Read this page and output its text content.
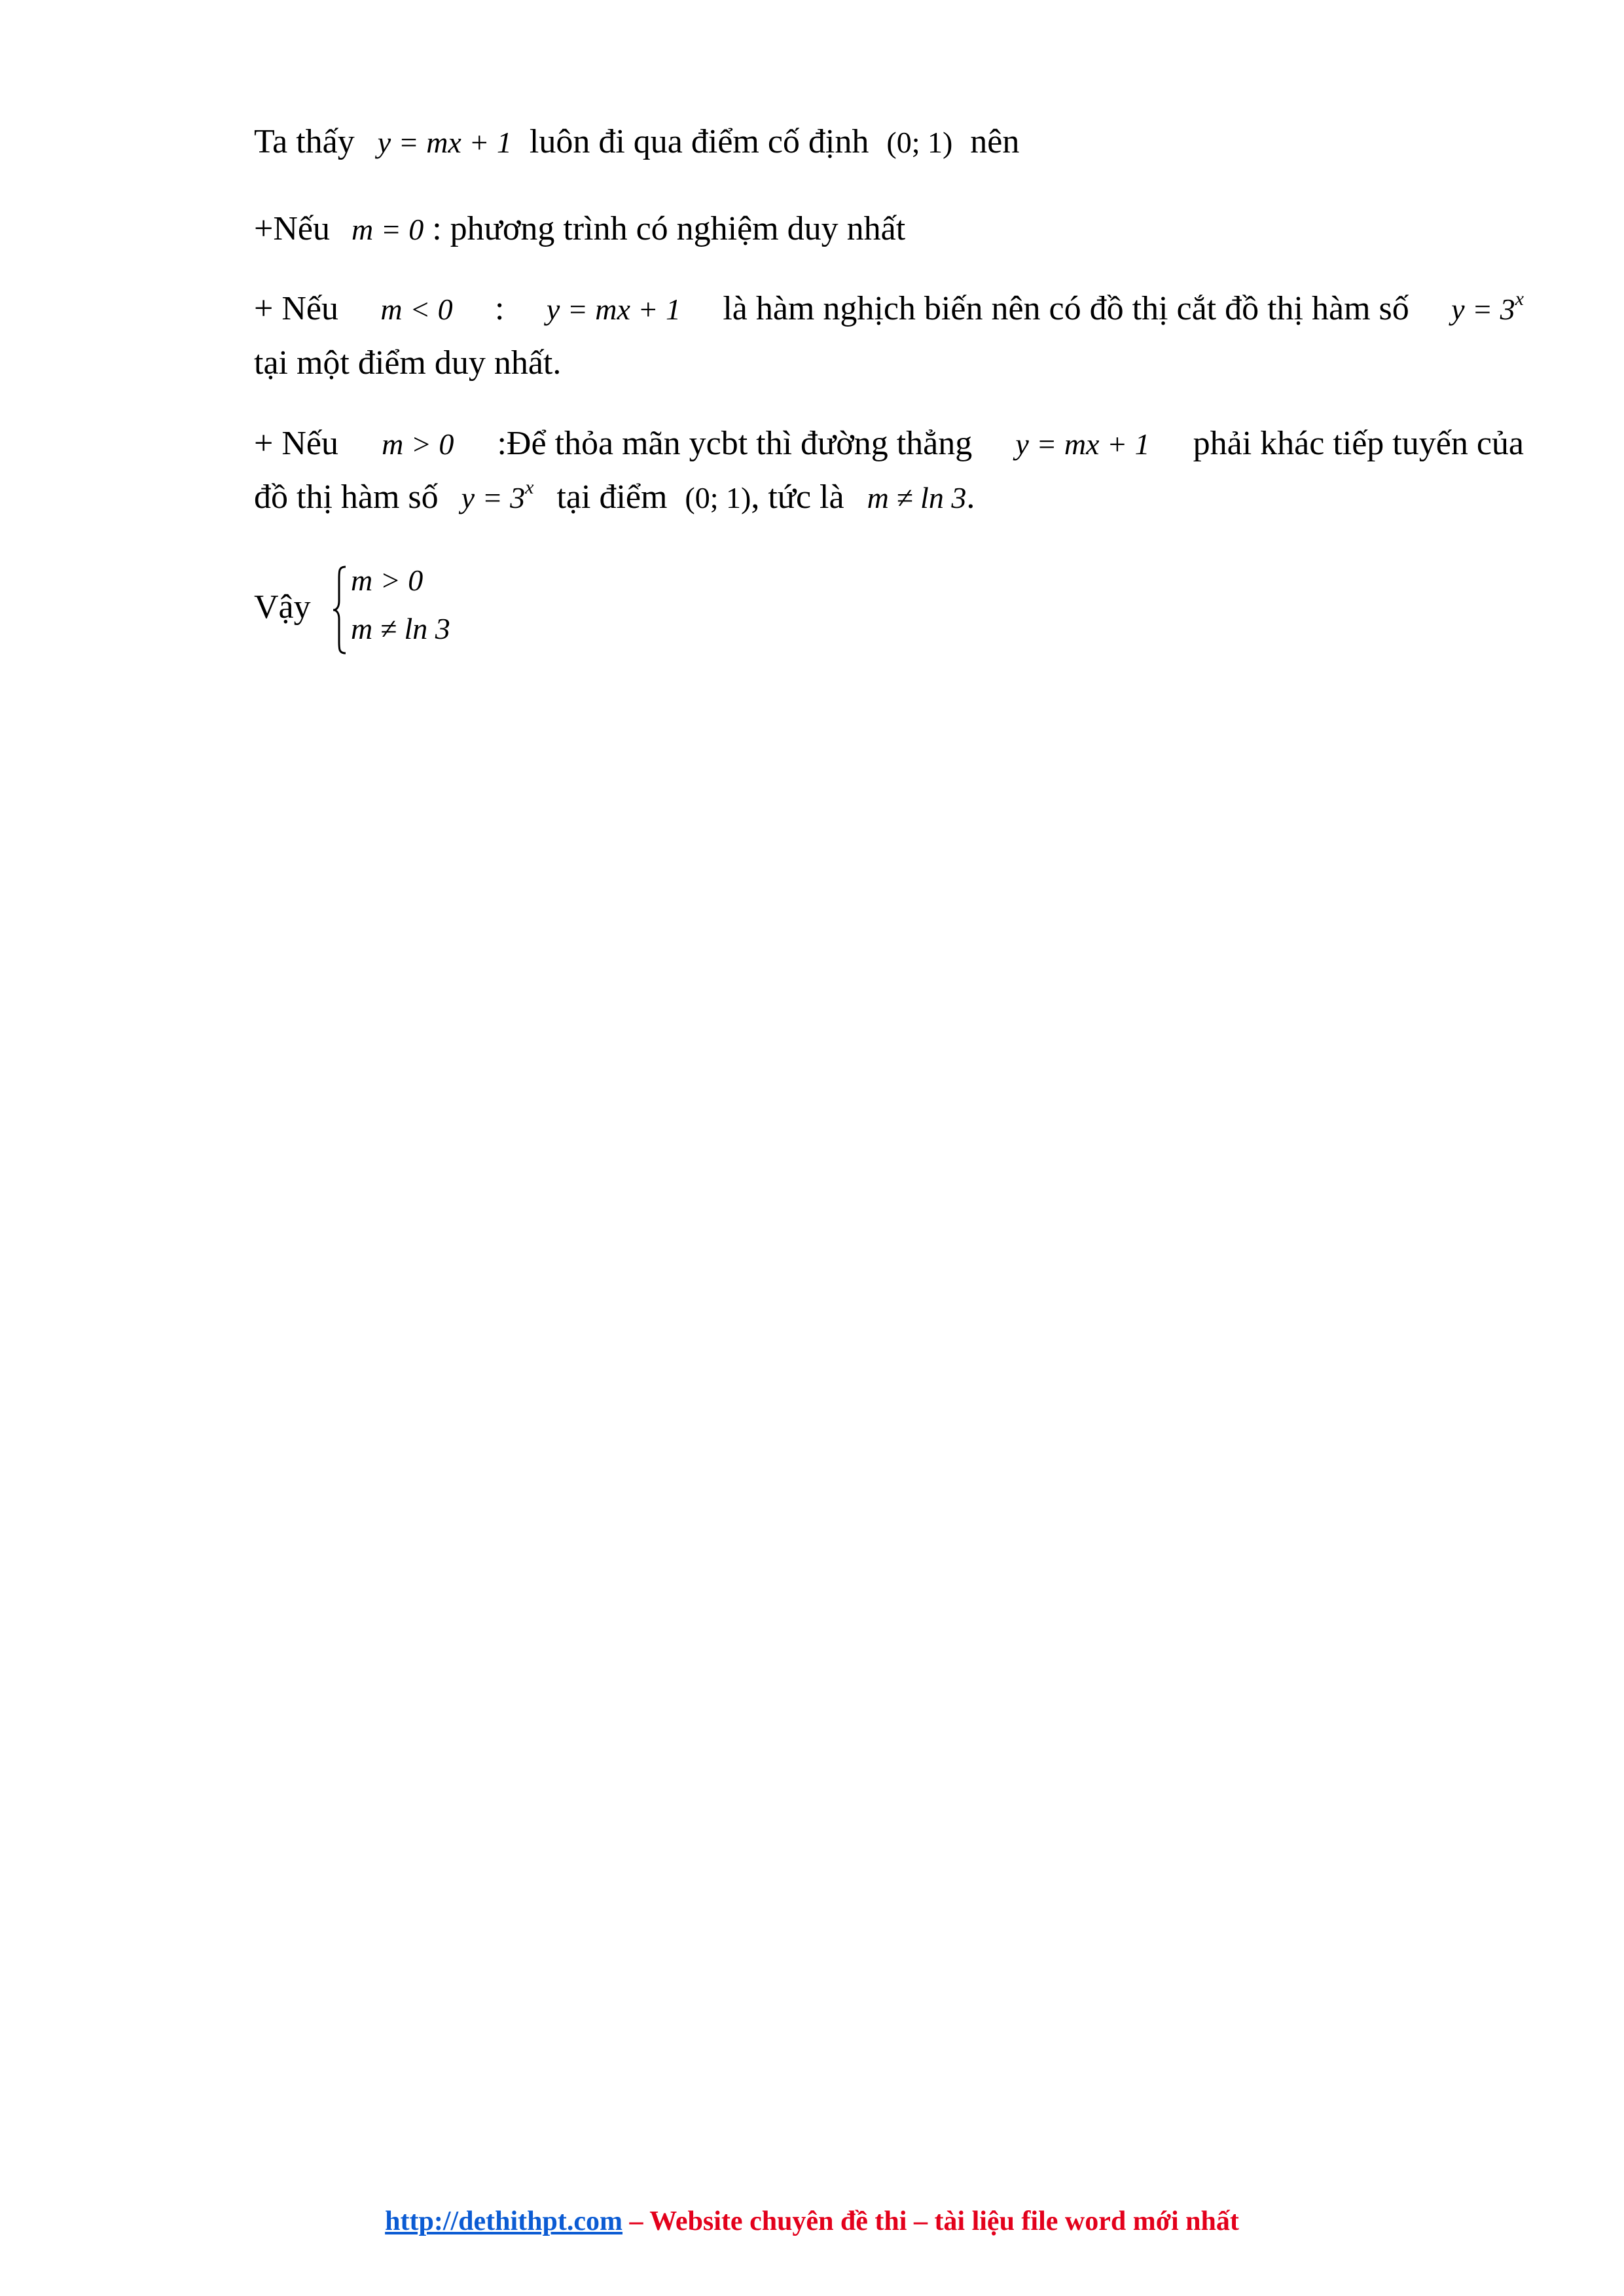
Ta thấy y = mx + 1 luôn đi qua điểm cố định (0; 1) nên
+Nếu m = 0 : phương trình có nghiệm duy nhất
+ Nếu m < 0 : y = mx + 1 là hàm nghịch biến nên có đồ thị cắt đồ thị hàm số $y = 3^x$
tại một điểm duy nhất.
+ Nếu m > 0 :Để thỏa mãn ycbt thì đường thẳng y = mx + 1 phải khác tiếp tuyến của
đồ thị hàm số $y = 3^x$ tại điểm (0; 1), tức là m ≠ ln 3.
Vậy
m > 0
m ≠ ln 3
http://dethithpt.com – Website chuyên đề thi – tài liệu file word mới nhất
